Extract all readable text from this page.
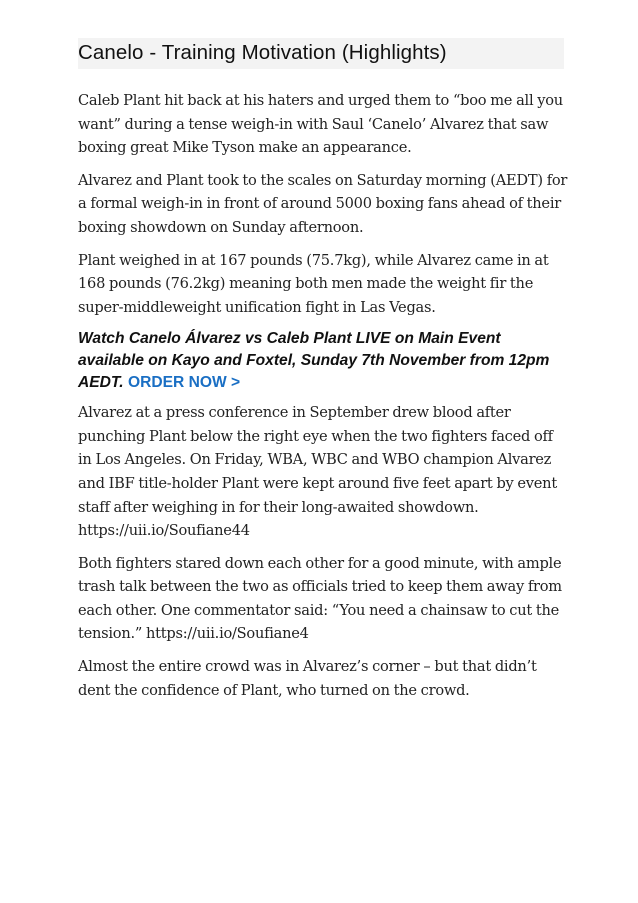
Canelo - Training Motivation (Highlights)

Caleb Plant hit back at his haters and urged them to “boo me all you want” during a tense weigh-in with Saul ‘Canelo’ Alvarez that saw boxing great Mike Tyson make an appearance.

Alvarez and Plant took to the scales on Saturday morning (AEDT) for a formal weigh-in in front of around 5000 boxing fans ahead of their boxing showdown on Sunday afternoon.

Plant weighed in at 167 pounds (75.7kg), while Alvarez came in at 168 pounds (76.2kg) meaning both men made the weight fir the super-middleweight unification fight in Las Vegas.

Watch Canelo Álvarez vs Caleb Plant LIVE on Main Event available on Kayo and Foxtel, Sunday 7th November from 12pm AEDT. ORDER NOW >

Alvarez at a press conference in September drew blood after punching Plant below the right eye when the two fighters faced off in Los Angeles. On Friday, WBA, WBC and WBO champion Alvarez and IBF title-holder Plant were kept around five feet apart by event staff after weighing in for their long-awaited showdown. https://uii.io/Soufiane44

Both fighters stared down each other for a good minute, with ample trash talk between the two as officials tried to keep them away from each other. One commentator said: “You need a chainsaw to cut the tension.” https://uii.io/Soufiane4

Almost the entire crowd was in Alvarez’s corner – but that didn’t dent the confidence of Plant, who turned on the crowd.
